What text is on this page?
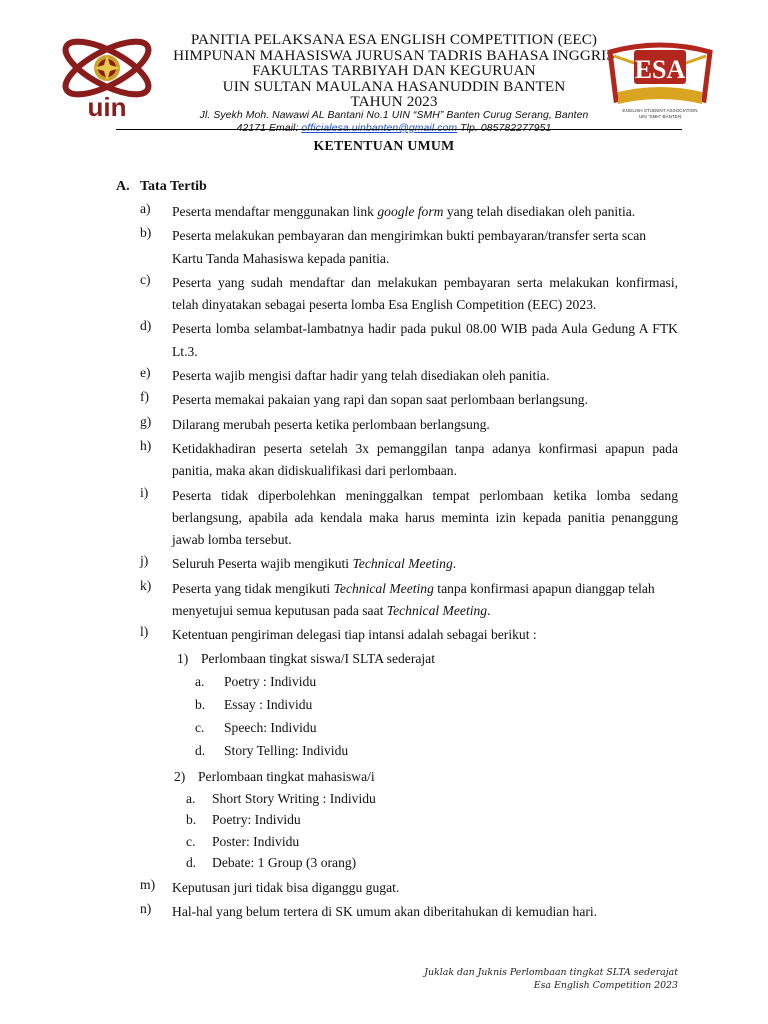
uin
PANITIA PELAKSANA ESA ENGLISH COMPETITION (EEC)
HIMPUNAN MAHASISWA JURUSAN TADRIS BAHASA INGGRIS
FAKULTAS TARBIYAH DAN KEGURUAN
UIN SULTAN MAULANA HASANUDDIN BANTEN
TAHUN 2023
Jl. Syekh Moh. Nawawi AL Bantani No.1 UIN “SMH” Banten Curug Serang, Banten
42171 Email: officialesa.uinbanten@gmail.com Tlp. 085782277951
ESA
ENGLISH STUDENT ASSOCIATION
UIN “SMH” BANTEN
KETENTUAN UMUM
A. Tata Tertib
a) Peserta mendaftar menggunakan link google form yang telah disediakan oleh panitia.
b) Peserta melakukan pembayaran dan mengirimkan bukti pembayaran/transfer serta scan Kartu Tanda Mahasiswa kepada panitia.
c) Peserta yang sudah mendaftar dan melakukan pembayaran serta melakukan konfirmasi, telah dinyatakan sebagai peserta lomba Esa English Competition (EEC) 2023.
d) Peserta lomba selambat-lambatnya hadir pada pukul 08.00 WIB pada Aula Gedung A FTK Lt.3.
e) Peserta wajib mengisi daftar hadir yang telah disediakan oleh panitia.
f) Peserta memakai pakaian yang rapi dan sopan saat perlombaan berlangsung.
g) Dilarang merubah peserta ketika perlombaan berlangsung.
h) Ketidakhadiran peserta setelah 3x pemanggilan tanpa adanya konfirmasi apapun pada panitia, maka akan didiskualifikasi dari perlombaan.
i) Peserta tidak diperbolehkan meninggalkan tempat perlombaan ketika lomba sedang berlangsung, apabila ada kendala maka harus meminta izin kepada panitia penanggung jawab lomba tersebut.
j) Seluruh Peserta wajib mengikuti Technical Meeting.
k) Peserta yang tidak mengikuti Technical Meeting tanpa konfirmasi apapun dianggap telah menyetujui semua keputusan pada saat Technical Meeting.
l) Ketentuan pengiriman delegasi tiap intansi adalah sebagai berikut :
1) Perlombaan tingkat siswa/I SLTA sederajat
a. Poetry : Individu
b. Essay : Individu
c. Speech: Individu
d. Story Telling: Individu
2) Perlombaan tingkat mahasiswa/i
a. Short Story Writing : Individu
b. Poetry: Individu
c. Poster: Individu
d. Debate: 1 Group (3 orang)
m) Keputusan juri tidak bisa diganggu gugat.
n) Hal-hal yang belum tertera di SK umum akan diberitahukan di kemudian hari.
Juklak dan Juknis Perlombaan tingkat SLTA sederajat
Esa English Competition 2023
